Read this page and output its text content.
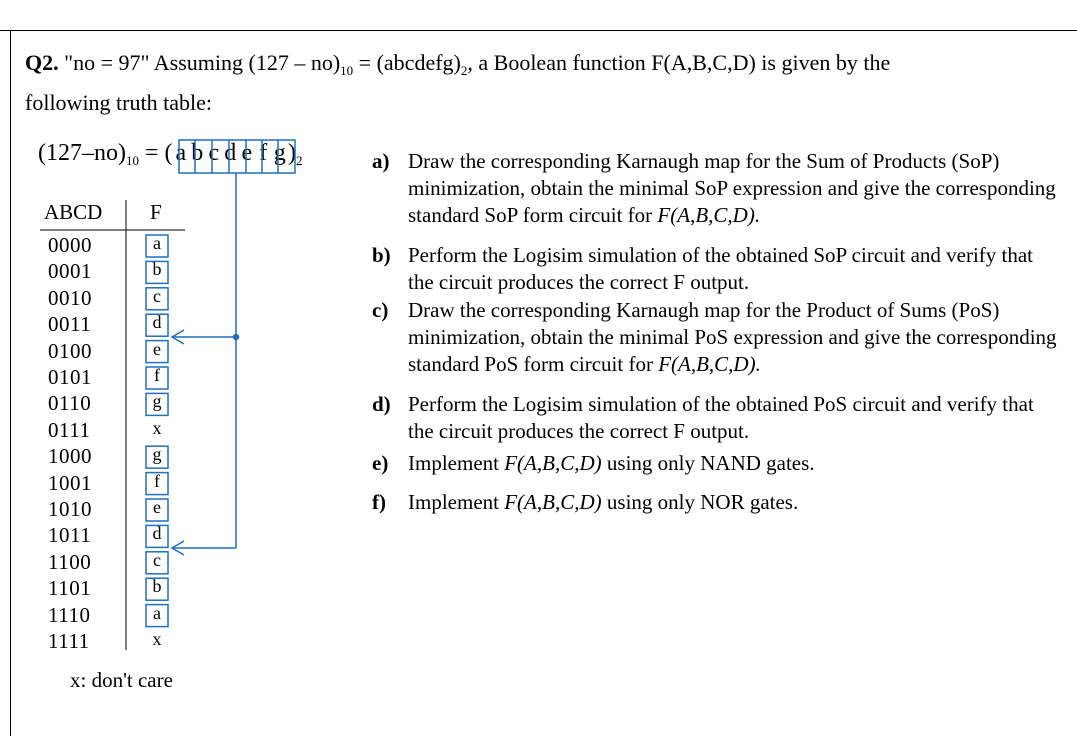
Q2. "no = 97" Assuming $(127 - no)_{10}$ = $(abcdefg)_2$, a Boolean function F(A,B,C,D) is given by the
following truth table:
$(127-no)_{10}$ = ( a b c d e f $g)_2$
ABCD F
0000	a
0001	b
0010	c
0011	d
0100	e
0101	f
0110	g
0111	x
1000	g
1001	f
1010	e
1011	d
1100	c
1101	b
1110	a
1111	x
x: don't care
a) Draw the corresponding Karnaugh map for the Sum of Products (SoP) minimization, obtain the minimal SoP expression and give the corresponding standard SoP form circuit for F(A,B,C,D).
b) Perform the Logisim simulation of the obtained SoP circuit and verify that the circuit produces the correct F output.
c) Draw the corresponding Karnaugh map for the Product of Sums (PoS) minimization, obtain the minimal PoS expression and give the corresponding standard PoS form circuit for F(A,B,C,D).
d) Perform the Logisim simulation of the obtained PoS circuit and verify that the circuit produces the correct F output.
e) Implement F(A,B,C,D) using only NAND gates.
f) Implement F(A,B,C,D) using only NOR gates.
